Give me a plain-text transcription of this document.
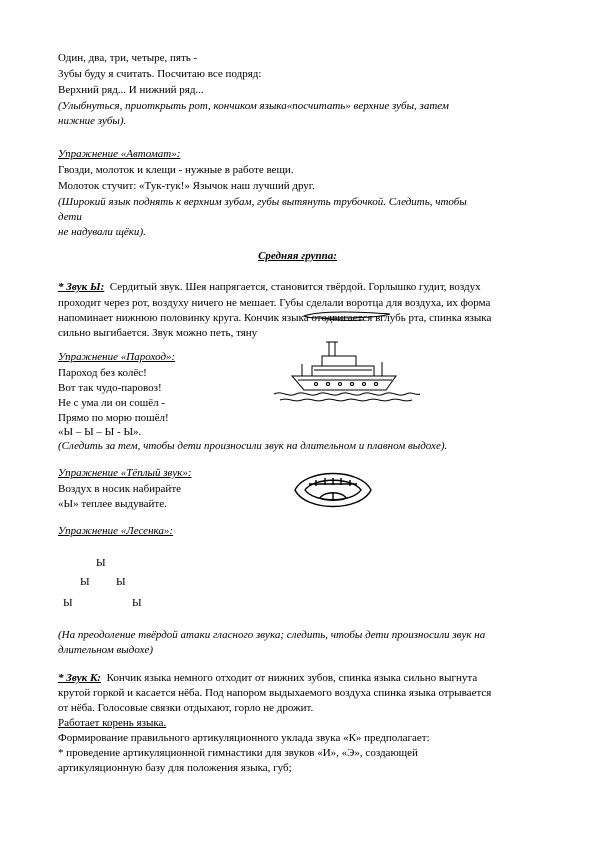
Один, два, три, четыре, пять -
Зубы буду я считать. Посчитаю все подряд:
Верхний ряд... И нижний ряд...
(Улыбнуться, приоткрыть рот, кончиком языка«посчитать» верхние зубы, затем
нижние зубы).
Упражнение «Автомат»:
Гвозди, молоток и клещи - нужные в работе вещи.
Молоток стучит: «Тук-тук!» Язычок наш лучший друг.
(Широкий язык поднять к верхним зубам, губы вытянуть трубочкой. Следить, чтобы
дети
не надували щёки).
Средняя группа:
* Звук Ы: Сердитый звук. Шея напрягается, становится твёрдой. Горлышко гудит, воздух
проходит через рот, воздуху ничего не мешает. Губы сделали воротца для воздуха, их форма
напоминает нижнюю половинку круга. Кончик языка отодвигается вглубь рта, спинка языка
сильно выгибается. Звук можно петь, тяну
Упражнение «Пароход»:
Пароход без колёс!
Вот так чудо-паровоз!
Не с ума ли он сошёл -
Прямо по морю пошёл!
«Ы – Ы – Ы - Ы».
(Следить за тем, чтобы дети произносили звук на длительном и плавном выдохе).
Упражнение «Тёплый звук»:
Воздух в носик набирайте
«Ы» теплее выдувайте.
Упражнение «Лесенка»:
Ы
Ы Ы
Ы	Ы
(На преодоление твёрдой атаки гласного звука; следить, чтобы дети произносили звук на
длительном выдохе)
* Звук К: Кончик языка немного отходит от нижних зубов, спинка языка сильно выгнута
крутой горкой и касается нёба. Под напором выдыхаемого воздуха спинка языка отрывается
от нёба. Голосовые связки отдыхают, горло не дрожит.
Работает корень языка.
Формирование правильного артикуляционного уклада звука «К» предполагает:
* проведение артикуляционной гимнастики для звуков «И», «Э», создающей
артикуляционную базу для положения языка, губ;
